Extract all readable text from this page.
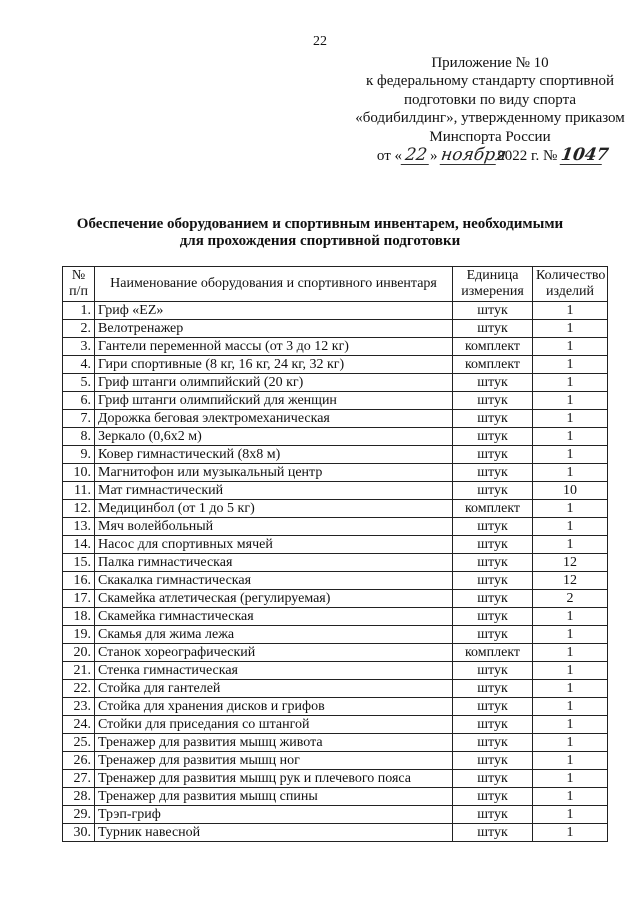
22
Приложение № 10
к федеральному стандарту спортивной
подготовки по виду спорта
«бодибилдинг», утвержденному приказом
Минспорта России
от « 22 » ноября2022 г. № 1047
Обеспечение оборудованием и спортивным инвентарем, необходимыми
для прохождения спортивной подготовки
№ п/п	Наименование оборудования и спортивного инвентаря	Единица измерения	Количество изделий
1.	Гриф «EZ»	штук	1
2.	Велотренажер	штук	1
3.	Гантели переменной массы (от 3 до 12 кг)	комплект	1
4.	Гири спортивные (8 кг, 16 кг, 24 кг, 32 кг)	комплект	1
5.	Гриф штанги олимпийский (20 кг)	штук	1
6.	Гриф штанги олимпийский для женщин	штук	1
7.	Дорожка беговая электромеханическая	штук	1
8.	Зеркало (0,6х2 м)	штук	1
9.	Ковер гимнастический (8х8 м)	штук	1
10.	Магнитофон или музыкальный центр	штук	1
11.	Мат гимнастический	штук	10
12.	Медицинбол (от 1 до 5 кг)	комплект	1
13.	Мяч волейбольный	штук	1
14.	Насос для спортивных мячей	штук	1
15.	Палка гимнастическая	штук	12
16.	Скакалка гимнастическая	штук	12
17.	Скамейка атлетическая (регулируемая)	штук	2
18.	Скамейка гимнастическая	штук	1
19.	Скамья для жима лежа	штук	1
20.	Станок хореографический	комплект	1
21.	Стенка гимнастическая	штук	1
22.	Стойка для гантелей	штук	1
23.	Стойка для хранения дисков и грифов	штук	1
24.	Стойки для приседания со штангой	штук	1
25.	Тренажер для развития мышц живота	штук	1
26.	Тренажер для развития мышц ног	штук	1
27.	Тренажер для развития мышц рук и плечевого пояса	штук	1
28.	Тренажер для развития мышц спины	штук	1
29.	Трэп-гриф	штук	1
30.	Турник навесной	штук	1
